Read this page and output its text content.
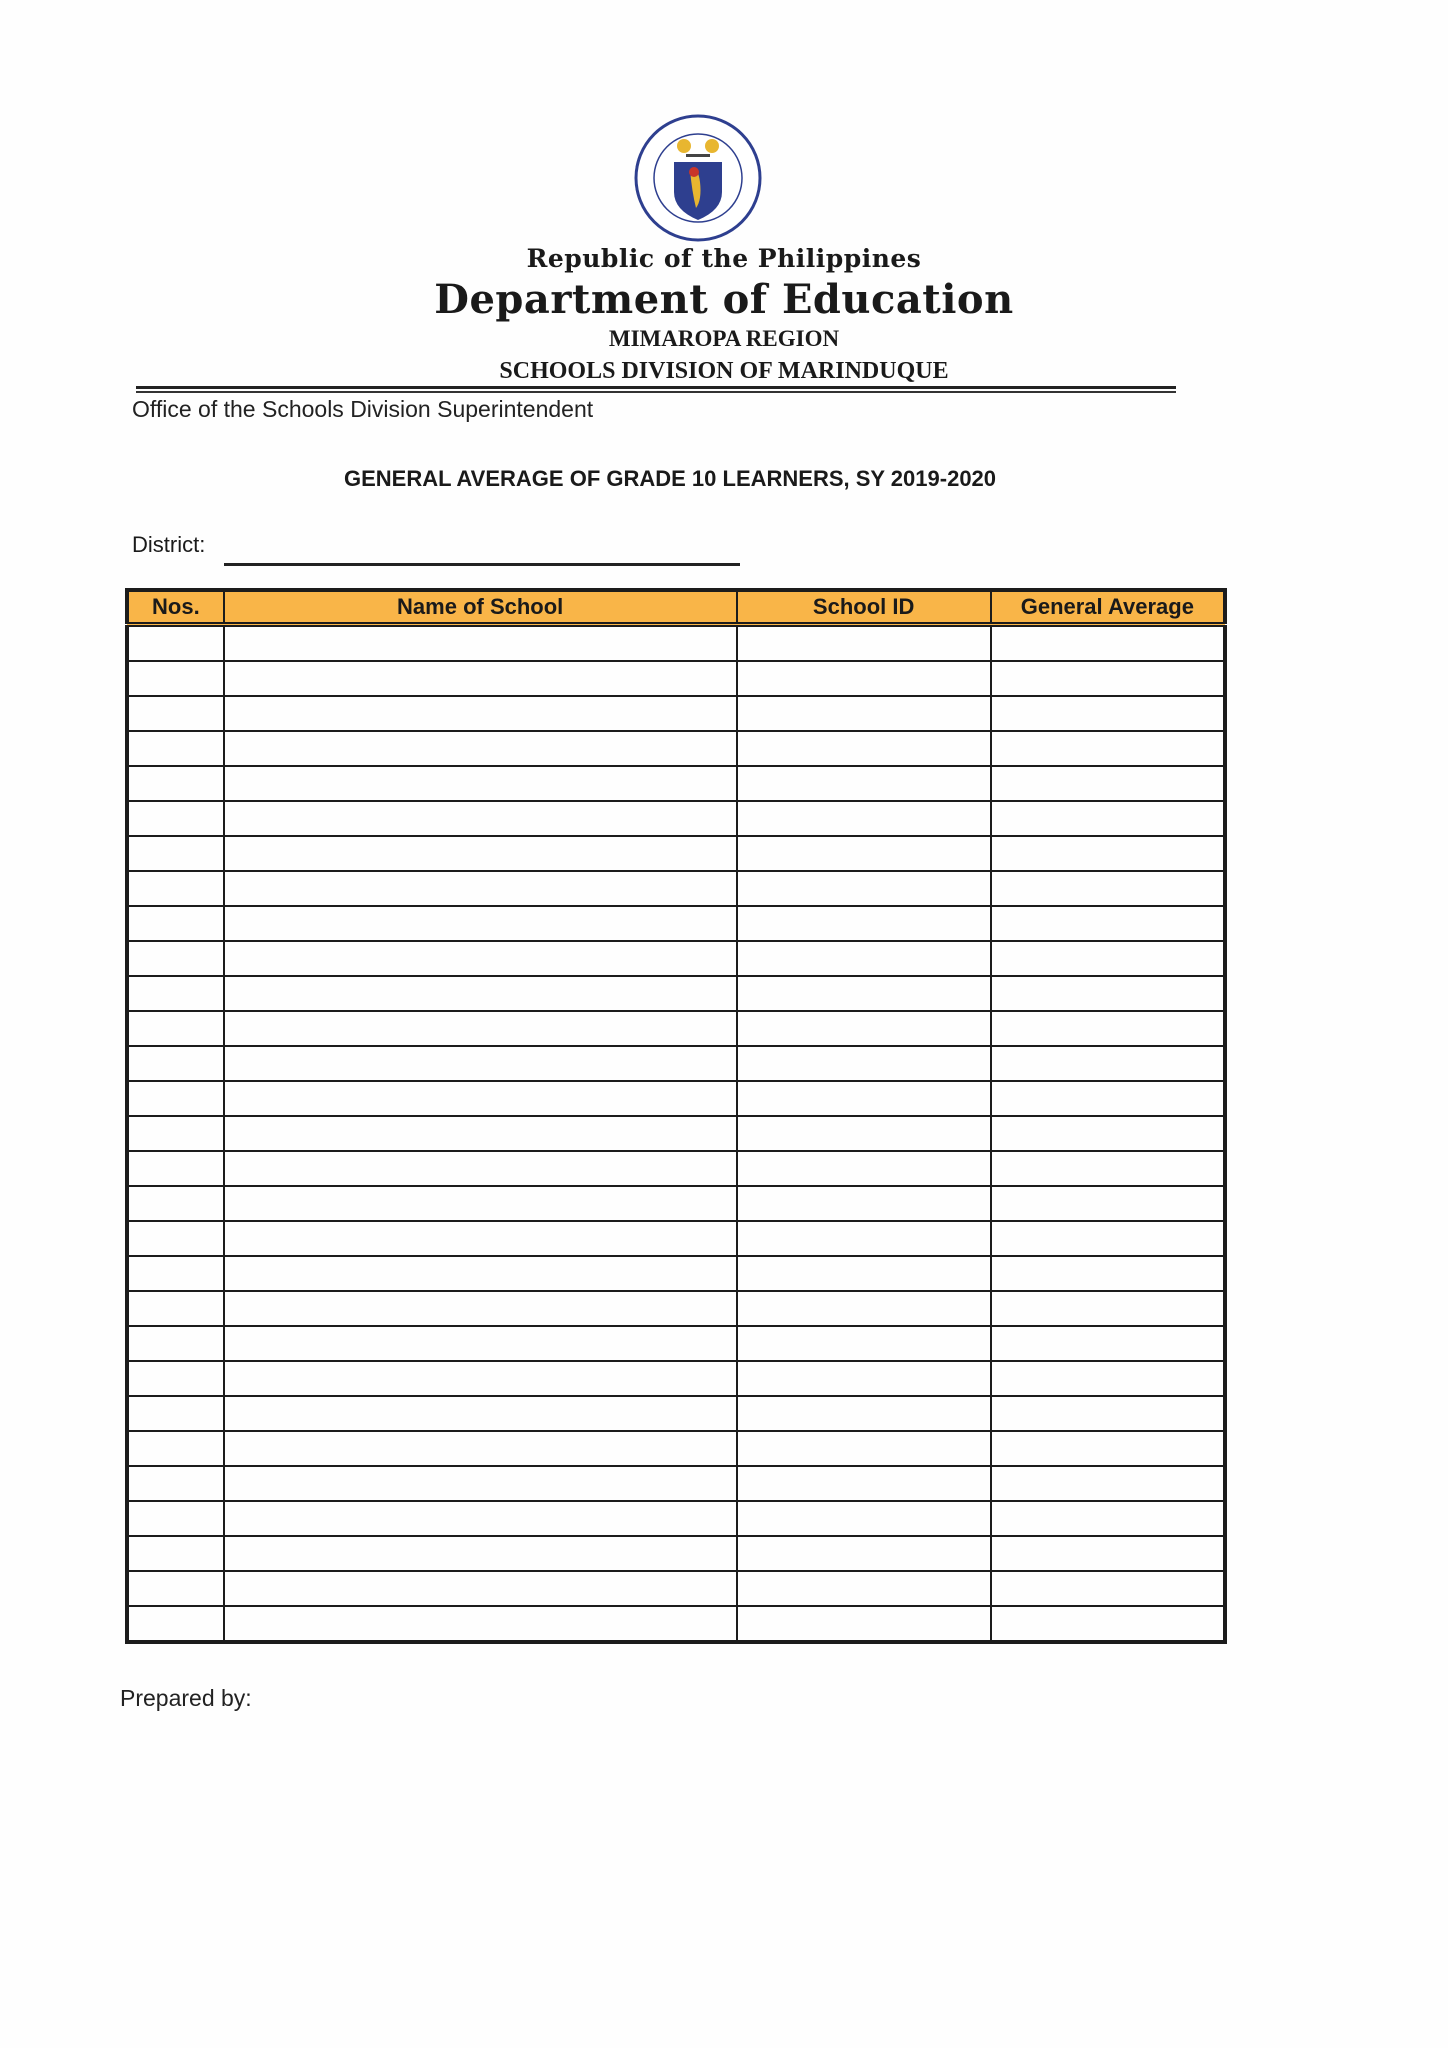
Republic of the Philippines
Department of Education
MIMAROPA REGION
SCHOOLS DIVISION OF MARINDUQUE
Office of the Schools Division Superintendent
GENERAL AVERAGE OF GRADE 10 LEARNERS, SY 2019-2020
District:
Nos.	Name of School	School ID	General Average

Prepared by:
